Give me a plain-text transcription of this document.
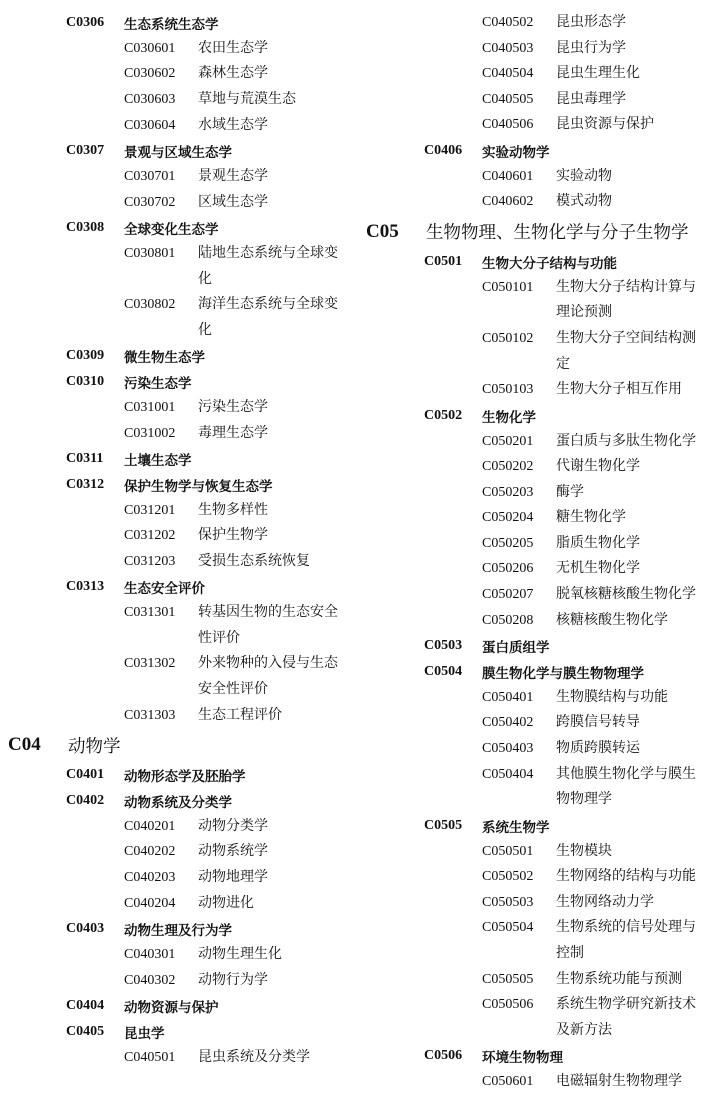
C0306	生态系统生态学
C030601	农田生态学
C030602	森林生态学
C030603	草地与荒漠生态
C030604	水域生态学
C0307	景观与区域生态学
C030701	景观生态学
C030702	区域生态学
C0308	全球变化生态学
C030801	陆地生态系统与全球变化
C030802	海洋生态系统与全球变化
C0309	微生物生态学
C0310	污染生态学
C031001	污染生态学
C031002	毒理生态学
C0311	土壤生态学
C0312	保护生物学与恢复生态学
C031201	生物多样性
C031202	保护生物学
C031203	受损生态系统恢复
C0313	生态安全评价
C031301	转基因生物的生态安全性评价
C031302	外来物种的入侵与生态安全性评价
C031303	生态工程评价
C04	动物学
C0401	动物形态学及胚胎学
C0402	动物系统及分类学
C040201	动物分类学
C040202	动物系统学
C040203	动物地理学
C040204	动物进化
C0403	动物生理及行为学
C040301	动物生理生化
C040302	动物行为学
C0404	动物资源与保护
C0405	昆虫学
C040501	昆虫系统及分类学
C040502	昆虫形态学
C040503	昆虫行为学
C040504	昆虫生理生化
C040505	昆虫毒理学
C040506	昆虫资源与保护
C0406	实验动物学
C040601	实验动物
C040602	模式动物
C05	生物物理、生物化学与分子生物学
C0501	生物大分子结构与功能
C050101	生物大分子结构计算与理论预测
C050102	生物大分子空间结构测定
C050103	生物大分子相互作用
C0502	生物化学
C050201	蛋白质与多肽生物化学
C050202	代谢生物化学
C050203	酶学
C050204	糖生物化学
C050205	脂质生物化学
C050206	无机生物化学
C050207	脱氧核糖核酸生物化学
C050208	核糖核酸生物化学
C0503	蛋白质组学
C0504	膜生物化学与膜生物物理学
C050401	生物膜结构与功能
C050402	跨膜信号转导
C050403	物质跨膜转运
C050404	其他膜生物化学与膜生物物理学
C0505	系统生物学
C050501	生物模块
C050502	生物网络的结构与功能
C050503	生物网络动力学
C050504	生物系统的信号处理与控制
C050505	生物系统功能与预测
C050506	系统生物学研究新技术及新方法
C0506	环境生物物理
C050601	电磁辐射生物物理学
